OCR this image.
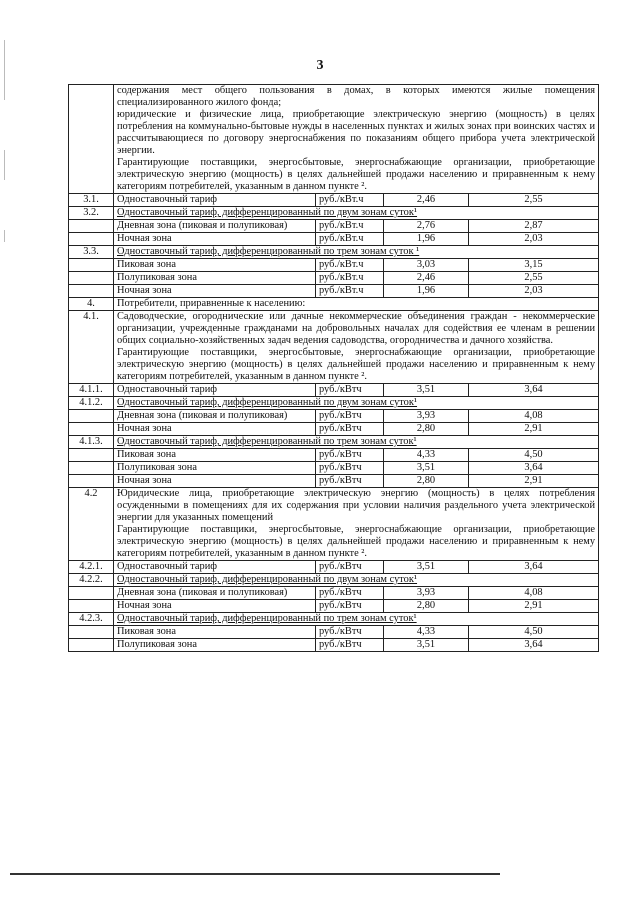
3

	содержания мест общего пользования в домах, в которых имеются жилые помещения специализированного жилого фонда;

юридические и физические лица, приобретающие электрическую энергию (мощность) в целях потребления на коммунально-бытовые нужды в населенных пунктах и жилых зонах при воинских частях и рассчитывающиеся по договору энергоснабжения по показаниям общего прибора учета электрической энергии.

Гарантирующие поставщики, энергосбытовые, энергоснабжающие организации, приобретающие электрическую энергию (мощность) в целях дальнейшей продажи населению и приравненным к нему категориям потребителей, указанным в данном пункте ².			

3.1.	Одноставочный тариф	руб./кВт.ч	2,46	2,55
3.2.	Одноставочный тариф, дифференцированный по двум зонам суток¹			
	Дневная зона (пиковая и полупиковая)	руб./кВт.ч	2,76	2,87
	Ночная зона	руб./кВт.ч	1,96	2,03
3.3.	Одноставочный тариф, дифференцированный по трем зонам суток ¹			
	Пиковая зона	руб./кВт.ч	3,03	3,15
	Полупиковая зона	руб./кВт.ч	2,46	2,55
	Ночная зона	руб./кВт.ч	1,96	2,03
4.	Потребители, приравненные к населению:			
4.1.	Садоводческие, огороднические или дачные некоммерческие объединения граждан - некоммерческие организации, учрежденные гражданами на добровольных началах для содействия ее членам в решении общих социально-хозяйственных задач ведения садоводства, огородничества и дачного хозяйства.

Гарантирующие поставщики, энергосбытовые, энергоснабжающие организации, приобретающие электрическую энергию (мощность) в целях дальнейшей продажи населению и приравненным к нему категориям потребителей, указанным в данном пункте ².			

4.1.1.	Одноставочный тариф	руб./кВтч	3,51	3,64
4.1.2.	Одноставочный тариф, дифференцированный по двум зонам суток¹			
	Дневная зона (пиковая и полупиковая)	руб./кВтч	3,93	4,08
	Ночная зона	руб./кВтч	2,80	2,91
4.1.3.	Одноставочный тариф, дифференцированный по трем зонам суток¹			
	Пиковая зона	руб./кВтч	4,33	4,50
	Полупиковая зона	руб./кВтч	3,51	3,64
	Ночная зона	руб./кВтч	2,80	2,91
4.2	Юридические лица, приобретающие электрическую энергию (мощность) в целях потребления осужденными в помещениях для их содержания при условии наличия раздельного учета электрической энергии для указанных помещений

Гарантирующие поставщики, энергосбытовые, энергоснабжающие организации, приобретающие электрическую энергию (мощность) в целях дальнейшей продажи населению и приравненным к нему категориям потребителей, указанным в данном пункте ².			

4.2.1.	Одноставочный тариф	руб./кВтч	3,51	3,64
4.2.2.	Одноставочный тариф, дифференцированный по двум зонам суток¹			
	Дневная зона (пиковая и полупиковая)	руб./кВтч	3,93	4,08
	Ночная зона	руб./кВтч	2,80	2,91
4.2.3.	Одноставочный тариф, дифференцированный по трем зонам суток¹			
	Пиковая зона	руб./кВтч	4,33	4,50
	Полупиковая зона	руб./кВтч	3,51	3,64
